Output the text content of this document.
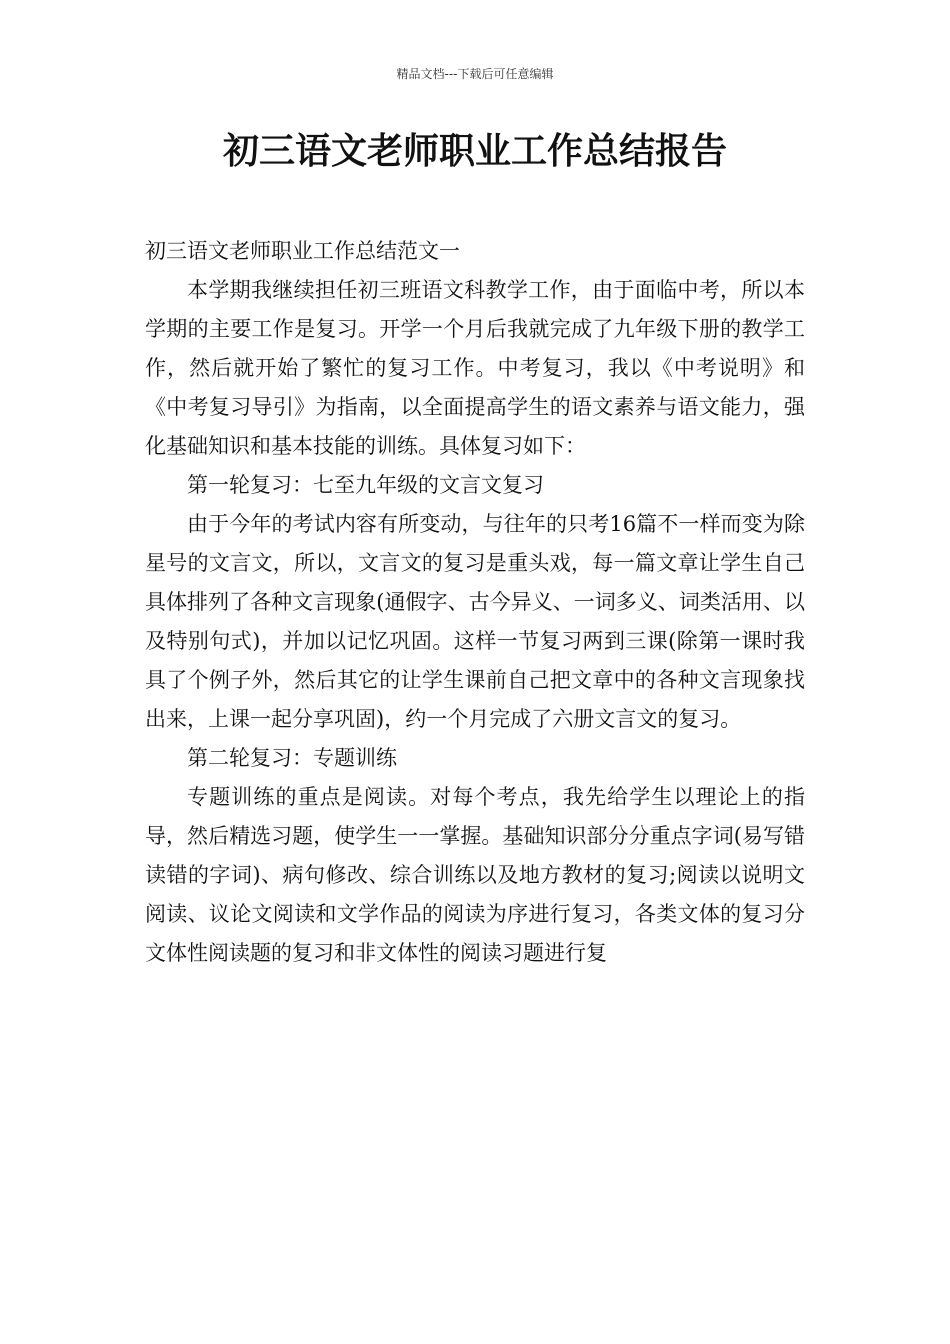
精品文档---下载后可任意编辑
初三语文老师职业工作总结报告

初三语文老师职业工作总结范文一

本学期我继续担任初三班语文科教学工作，由于面临中考，所以本学期的主要工作是复习。开学一个月后我就完成了九年级下册的教学工作，然后就开始了繁忙的复习工作。中考复习，我以《中考说明》和《中考复习导引》为指南，以全面提高学生的语文素养与语文能力，强化基础知识和基本技能的训练。具体复习如下：

第一轮复习：七至九年级的文言文复习

由于今年的考试内容有所变动，与往年的只考16篇不一样而变为除星号的文言文，所以，文言文的复习是重头戏，每一篇文章让学生自己具体排列了各种文言现象(通假字、古今异义、一词多义、词类活用、以及特别句式)，并加以记忆巩固。这样一节复习两到三课(除第一课时我具了个例子外，然后其它的让学生课前自己把文章中的各种文言现象找出来，上课一起分享巩固)，约一个月完成了六册文言文的复习。

第二轮复习：专题训练

专题训练的重点是阅读。对每个考点，我先给学生以理论上的指导，然后精选习题，使学生一一掌握。基础知识部分分重点字词(易写错读错的字词)、病句修改、综合训练以及地方教材的复习;阅读以说明文阅读、议论文阅读和文学作品的阅读为序进行复习，各类文体的复习分文体性阅读题的复习和非文体性的阅读习题进行复
